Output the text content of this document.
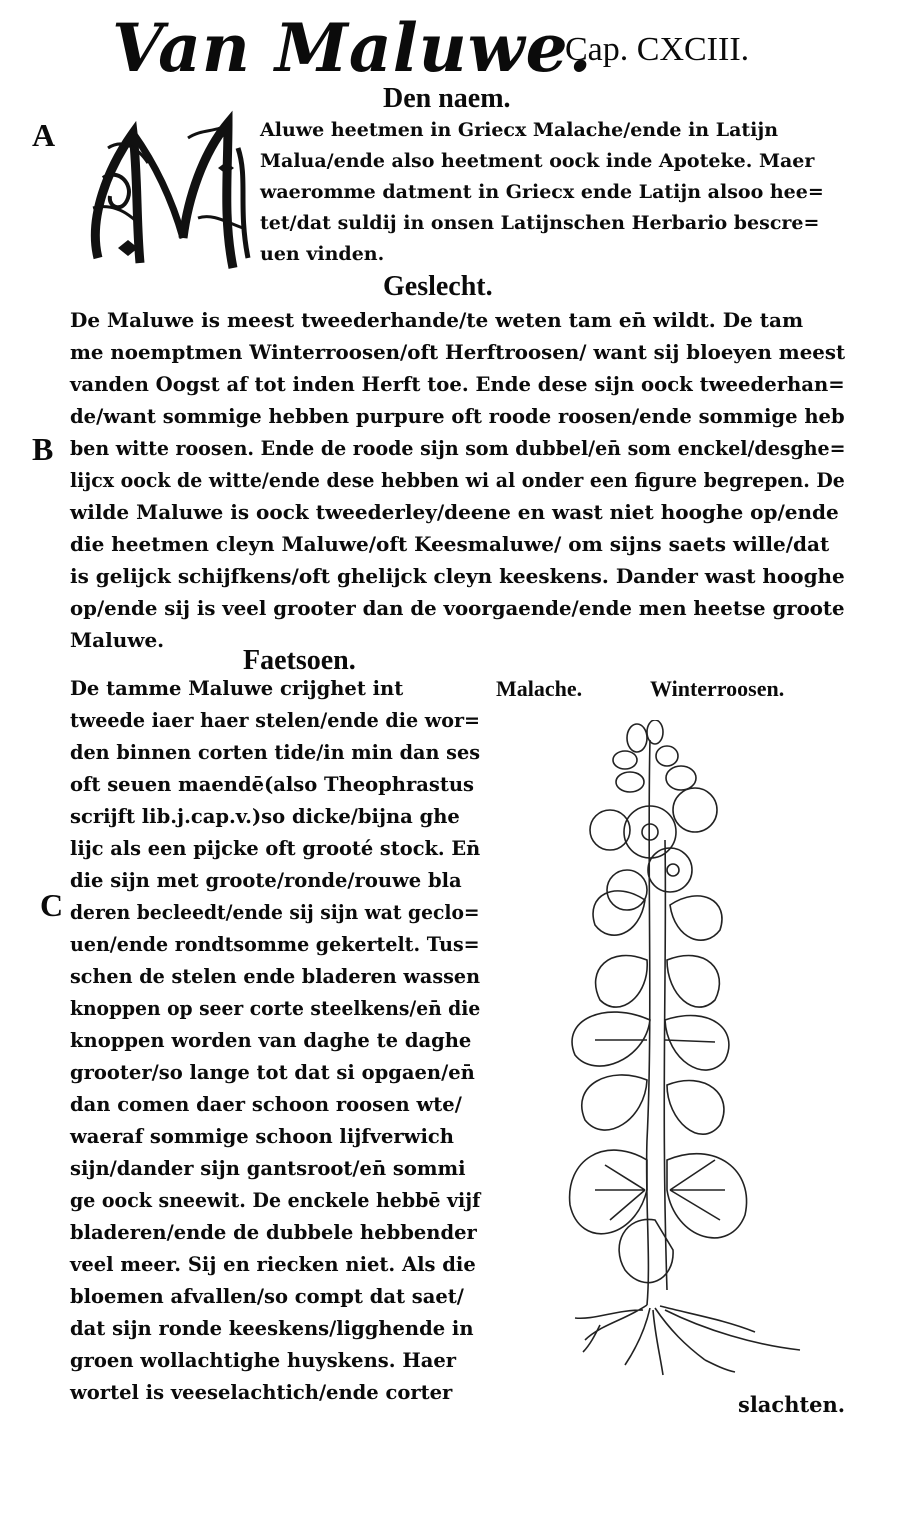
Van Maluwe.
Cap. CXCIII.
Den naem.
A	Aluwe heetmen in Griecx Malache/ende in Latijn
Malua/ende also heetment oock inde Apoteke. Maer
waeromme datment in Griecx ende Latijn alsoo hee=
tet/dat suldij in onsen Latijnschen Herbario bescre=
uen vinden.
Geslecht.
B
De Maluwe is meest tweederhande/te weten tam en̄ wildt. De tam
me noemptmen Winterroosen/oft Herftroosen/ want sij bloeyen meest
vanden Oogst af tot inden Herft toe. Ende dese sijn oock tweederhan=
de/want sommige hebben purpure oft roode roosen/ende sommige heb
ben witte roosen. Ende de roode sijn som dubbel/en̄ som enckel/desghe=
lijcx oock de witte/ende dese hebben wi al onder een figure begrepen. De
wilde Maluwe is oock tweederley/deene en wast niet hooghe op/ende
die heetmen cleyn Maluwe/oft Keesmaluwe/ om sijns saets wille/dat
is gelijck schijfkens/oft ghelijck cleyn keeskens. Dander wast hooghe
op/ende sij is veel grooter dan de voorgaende/ende men heetse groote
Maluwe.
Faetsoen.
C
De tamme Maluwe crijghet int
tweede iaer haer stelen/ende die wor=
den binnen corten tide/in min dan ses
oft seuen maendē(also Theophrastus
scrijft lib.j.cap.v.)so dicke/bijna ghe
lijc als een pijcke oft grooté stock. En̄
die sijn met groote/ronde/rouwe bla
deren becleedt/ende sij sijn wat geclo=
uen/ende rondtsomme gekertelt. Tus=
schen de stelen ende bladeren wassen
knoppen op seer corte steelkens/en̄ die
knoppen worden van daghe te daghe
grooter/so lange tot dat si opgaen/en̄
dan comen daer schoon roosen wte/
waeraf sommige schoon lijfverwich
sijn/dander sijn gantsroot/en̄ sommi
ge oock sneewit. De enckele hebbē vijf
bladeren/ende de dubbele hebbender
veel meer. Sij en riecken niet. Als die
bloemen afvallen/so compt dat saet/
dat sijn ronde keeskens/ligghende in
groen wollachtighe huyskens. Haer
wortel is veeselachtich/ende corter
Malache.	Winterroosen.
slachten.
